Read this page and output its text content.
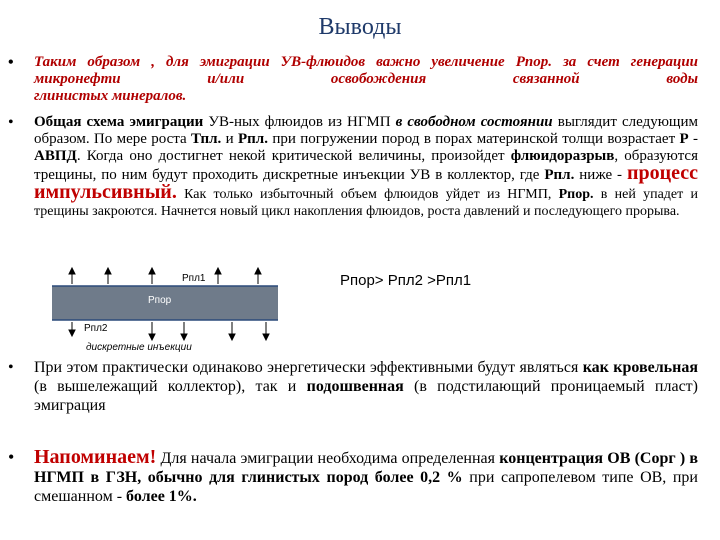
Выводы
• Таким образом , для эмиграции УВ-флюидов важно увеличение Рпор. за счет генерации микронефти и/или освобождения связанной воды
глинистых минералов.
• Общая схема эмиграции УВ-ных флюидов из НГМП в свободном состоянии выглядит следующим образом. По мере роста Тпл. и Рпл. при погружении пород в порах материнской толщи возрастает Р - АВПД. Когда оно достигнет некой критической величины, произойдет флюидоразрыв, образуются трещины, по ним будут проходить дискретные инъекции УВ в коллектор, где Рпл. ниже - процесс импульсивный. Как только избыточный объем флюидов уйдет из НГМП, Рпор. в ней упадет и трещины закроются. Начнется новый цикл накопления флюидов, роста давлений и последующего прорыва.

Рпл1
Рпор
Рпл2
дискретные инъекции
Рпор> Рпл2 >Рпл1
• При этом практически одинаково энергетически эффективными будут являться как кровельная (в вышележащий коллектор), так и подошвенная (в подстилающий проницаемый пласт) эмиграция
• Напоминаем! Для начала эмиграции необходима определенная концентрация ОВ (Сорг ) в НГМП в ГЗН, обычно для глинистых пород более 0,2 % при сапропелевом типе ОВ, при смешанном - более 1%.
